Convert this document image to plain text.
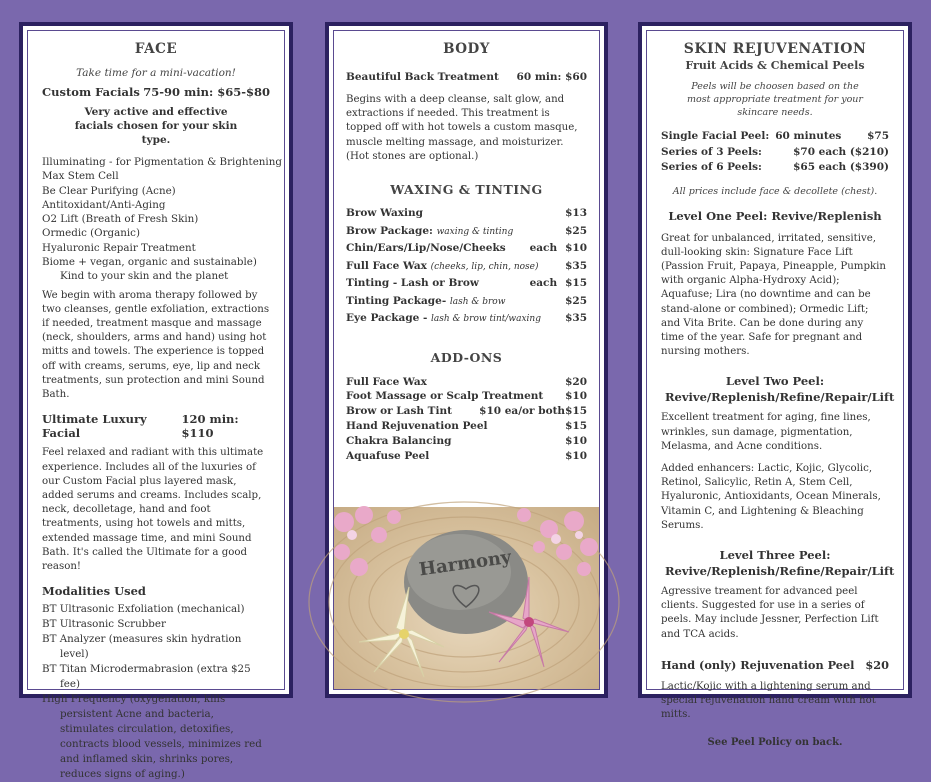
FACE
Take time for a mini-vacation!
Custom Facials 75-90 min: $65-$80
Very active and effective facials chosen for your skin type.
Illuminating - for Pigmentation & Brightening
Max Stem Cell
Be Clear Purifying (Acne)
Antitoxidant/Anti-Aging
O2 Lift (Breath of Fresh Skin)
Ormedic (Organic)
Hyaluronic Repair Treatment
Biome + vegan, organic and sustainable)
Kind to your skin and the planet

We begin with aroma therapy followed by two cleanses, gentle exfoliation, extractions if needed, treatment masque and massage (neck, shoulders, arms and hand) using hot mitts and towels. The experience is topped off with creams, serums, eye, lip and neck treatments, sun protection and mini Sound Bath.

Ultimate Luxury Facial
120 min: $110

Feel relaxed and radiant with this ultimate experience. Includes all of the luxuries of our Custom Facial plus layered mask, added serums and creams. Includes scalp, neck, decolletage, hand and foot treatments, using hot towels and mitts, extended massage time, and mini Sound Bath. It's called the Ultimate for a good reason!

Modalities Used
BT Ultrasonic Exfoliation (mechanical)
BT Ultrasonic Scrubber
BT Analyzer (measures skin hydration level)
BT Titan Microdermabrasion (extra $25 fee)
High Frequency (oxygenation, kills persistent Acne and bacteria, stimulates circulation, detoxifies, contracts blood vessels, minimizes red and inflamed skin, shrinks pores, reduces signs of aging.)
BODY
Beautiful Back Treatment 60 min: $60

Begins with a deep cleanse, salt glow, and extractions if needed. This treatment is topped off with hot towels a custom masque, muscle melting massage, and moisturizer. (Hot stones are optional.)

WAXING & TINTING
Brow Waxing	$13
Brow Package: waxing & tinting	$25
Chin/Ears/Lip/Nose/Cheeks each $10
Full Face Wax (cheeks, lip, chin, nose)	$35
Tinting - Lash or Brow	each $15
Tinting Package- lash & brow	$25
Eye Package - lash & brow tint/waxing $35
ADD-ONS
Full Face Wax	$20
Foot Massage or Scalp Treatment $10
Brow or Lash Tint	$10 ea/or both $15
Hand Rejuvenation Peel	$15
Chakra Balancing	$10
Aquafuse Peel	$10
Harmony
SKIN REJUVENATION
Fruit Acids & Chemical Peels
Peels will be choosen based on the most appropriate treatment for your skincare needs.
Single Facial Peel: 60 minutes $75
Series of 3 Peels:	$70 each ($210)
Series of 6 Peels:	$65 each ($390)
All prices include face & decollete (chest).
Level One Peel: Revive/Replenish

Great for unbalanced, irritated, sensitive, dull-looking skin: Signature Face Lift (Passion Fruit, Papaya, Pineapple, Pumpkin with organic Alpha-Hydroxy Acid); Aquafuse; Lira (no downtime and can be stand-alone or combined); Ormedic Lift; and Vita Brite. Can be done during any time of the year. Safe for pregnant and nursing mothers.

Level Two Peel: Revive/Replenish/Refine/Repair/Lift

Excellent treatment for aging, fine lines, wrinkles, sun damage, pigmentation, Melasma, and Acne conditions.

Added enhancers: Lactic, Kojic, Glycolic, Retinol, Salicylic, Retin A, Stem Cell, Hyaluronic, Antioxidants, Ocean Minerals, Vitamin C, and Lightening & Bleaching Serums.

Level Three Peel: Revive/Replenish/Refine/Repair/Lift

Agressive treament for advanced peel clients. Suggested for use in a series of peels. May include Jessner, Perfection Lift and TCA acids.

Hand (only) Rejuvenation Peel $20

Lactic/Kojic with a lightening serum and special rejuvenation hand cream with hot mitts.

See Peel Policy on back.
